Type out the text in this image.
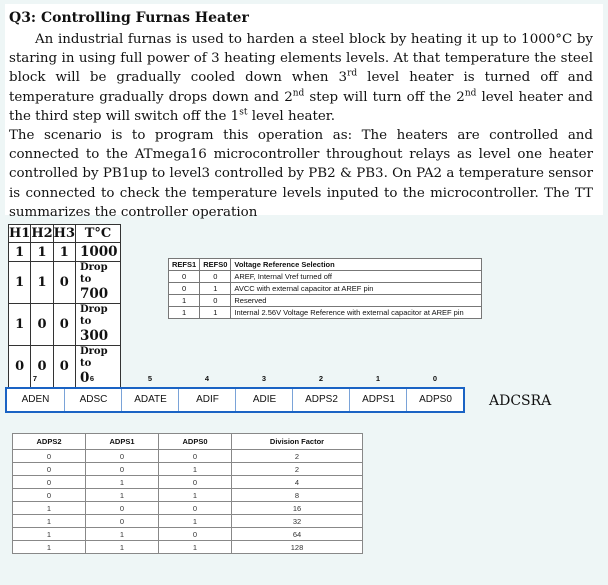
Q3: Controlling Furnas Heater

An industrial furnas is used to harden a steel block by heating it up to 1000°C by staring in using full power of 3 heating elements levels. At that temperature the steel block will be gradually cooled down when 3rd level heater is turned off and temperature gradually drops down and 2nd step will turn off the 2nd level heater and the third step will switch off the 1st level heater.

The scenario is to program this operation as: The heaters are controlled and connected to the ATmega16 microcontroller throughout relays as level one heater controlled by PB1up to level3 controlled by PB2 & PB3. On PA2 a temperature sensor is connected to check the temperature levels inputed to the microcontroller. The TT summarizes the controller operation

H1	H2	H3	T°C
1	1	1	1000

1	1	0	Drop to
700

1	0	0	Drop to
300

0	0	0	Drop to
0
REFS1	REFS0	Voltage Reference Selection
0	0	AREF, Internal Vref turned off
0	1	AVCC with external capacitor at AREF pin
1	0	Reserved
1	1	Internal 2.56V Voltage Reference with external capacitor at AREF pin
7	6	5	4	3	2	1	0
ADEN	ADSC	ADATE	ADIF	ADIE	ADPS2	ADPS1	ADPS0	ADCSRA
ADPS2	ADPS1	ADPS0	Division Factor
0	0	0	2
0	0	1	2
0	1	0	4
0	1	1	8
1	0	0	16
1	0	1	32
1	1	0	64
1	1	1	128
